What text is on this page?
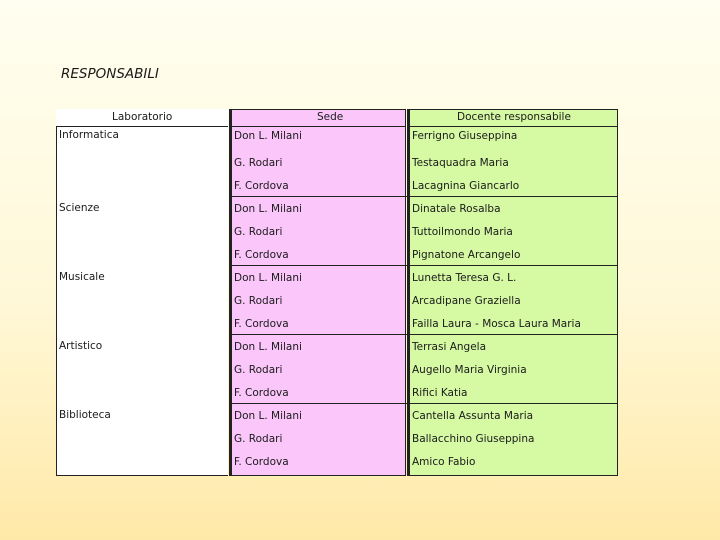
RESPONSABILI
Laboratorio	Sede	Docente responsabile
Informatica	Don L. Milani	Ferrigno Giuseppina
G. Rodari	Testaquadra Maria
F. Cordova	Lacagnina Giancarlo
Scienze	Don L. Milani	Dinatale Rosalba
G. Rodari	Tuttoilmondo Maria
F. Cordova	Pignatone Arcangelo
Musicale	Don L. Milani	Lunetta Teresa G. L.
G. Rodari	Arcadipane Graziella
F. Cordova	Failla Laura - Mosca Laura Maria
Artistico	Don L. Milani	Terrasi Angela
G. Rodari	Augello Maria Virginia
F. Cordova	Rifici Katia
Biblioteca	Don L. Milani	Cantella Assunta Maria
G. Rodari	Ballacchino Giuseppina
F. Cordova	Amico Fabio
